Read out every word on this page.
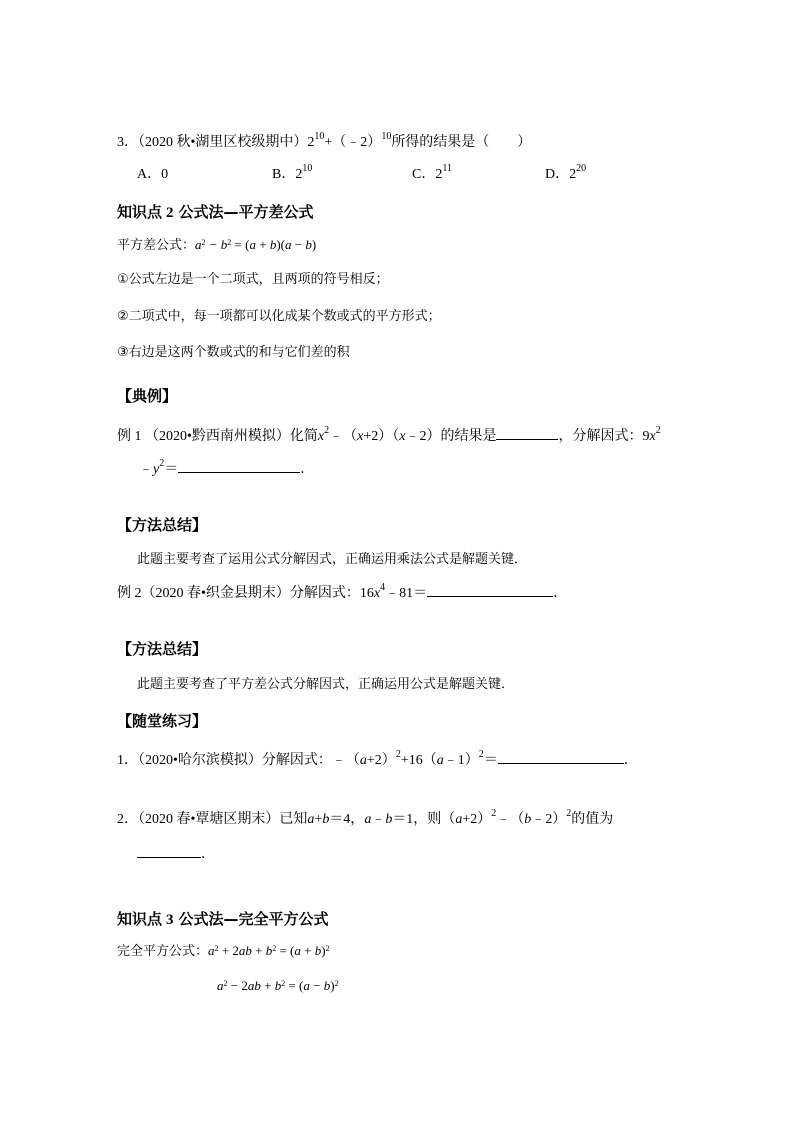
3．（2020 秋•湖里区校级期中）$2^{10}+(﹣2)^{10}$所得的结果是（　　）
A．0	B．$2^{10}$	C．$2^{11}$	D．$2^{20}$
知识点 2 公式法—平方差公式
平方差公式：$a^2 - b^2 = (a + b)(a - b)$
①公式左边是一个二项式，且两项的符号相反；
②二项式中，每一项都可以化成某个数或式的平方形式；
③右边是这两个数或式的和与它们差的积
【典例】
例 1 （2020•黔西南州模拟）化简$x^2﹣(x+2)(x﹣2)$的结果是	，分解因式：$9x^2$
$﹣y^2=$	．
【方法总结】
此题主要考查了运用公式分解因式，正确运用乘法公式是解题关键．
例 2（2020 春•织金县期末）分解因式：$16x^4﹣81=$	．
【方法总结】
此题主要考查了平方差公式分解因式，正确运用公式是解题关键．
【随堂练习】
1．（2020•哈尔滨模拟）分解因式：$﹣(a+2)^2+16(a﹣1)^2=$	．
2．（2020 春•覃塘区期末）已知a+b＝4，a﹣b＝1，则$(a+2)^2﹣(b﹣2)^2$的值为
．
知识点 3 公式法—完全平方公式
完全平方公式：$a^2 + 2ab + b^2 = (a + b)^2$
$a^2 - 2ab + b^2 = (a - b)^2$
